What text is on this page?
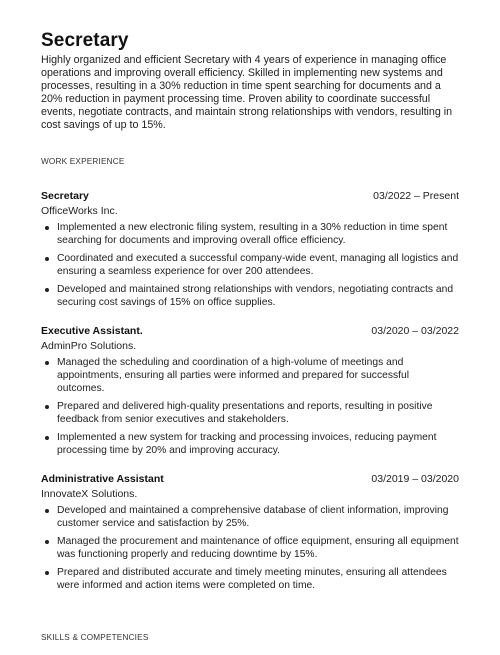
Secretary

Highly organized and efficient Secretary with 4 years of experience in managing office operations and improving overall efficiency. Skilled in implementing new systems and processes, resulting in a 30% reduction in time spent searching for documents and a 20% reduction in payment processing time. Proven ability to coordinate successful events, negotiate contracts, and maintain strong relationships with vendors, resulting in cost savings of up to 15%.

WORK EXPERIENCE
Secretary	03/2022 – Present
OfficeWorks Inc.
Implemented a new electronic filing system, resulting in a 30% reduction in time spent searching for documents and improving overall office efficiency.
Coordinated and executed a successful company-wide event, managing all logistics and ensuring a seamless experience for over 200 attendees.
Developed and maintained strong relationships with vendors, negotiating contracts and securing cost savings of 15% on office supplies.
Executive Assistant.	03/2020 – 03/2022
AdminPro Solutions.
Managed the scheduling and coordination of a high-volume of meetings and appointments, ensuring all parties were informed and prepared for successful outcomes.
Prepared and delivered high-quality presentations and reports, resulting in positive feedback from senior executives and stakeholders.
Implemented a new system for tracking and processing invoices, reducing payment processing time by 20% and improving accuracy.
Administrative Assistant	03/2019 – 03/2020
InnovateX Solutions.
Developed and maintained a comprehensive database of client information, improving customer service and satisfaction by 25%.
Managed the procurement and maintenance of office equipment, ensuring all equipment was functioning properly and reducing downtime by 15%.
Prepared and distributed accurate and timely meeting minutes, ensuring all attendees were informed and action items were completed on time.
SKILLS & COMPETENCIES
